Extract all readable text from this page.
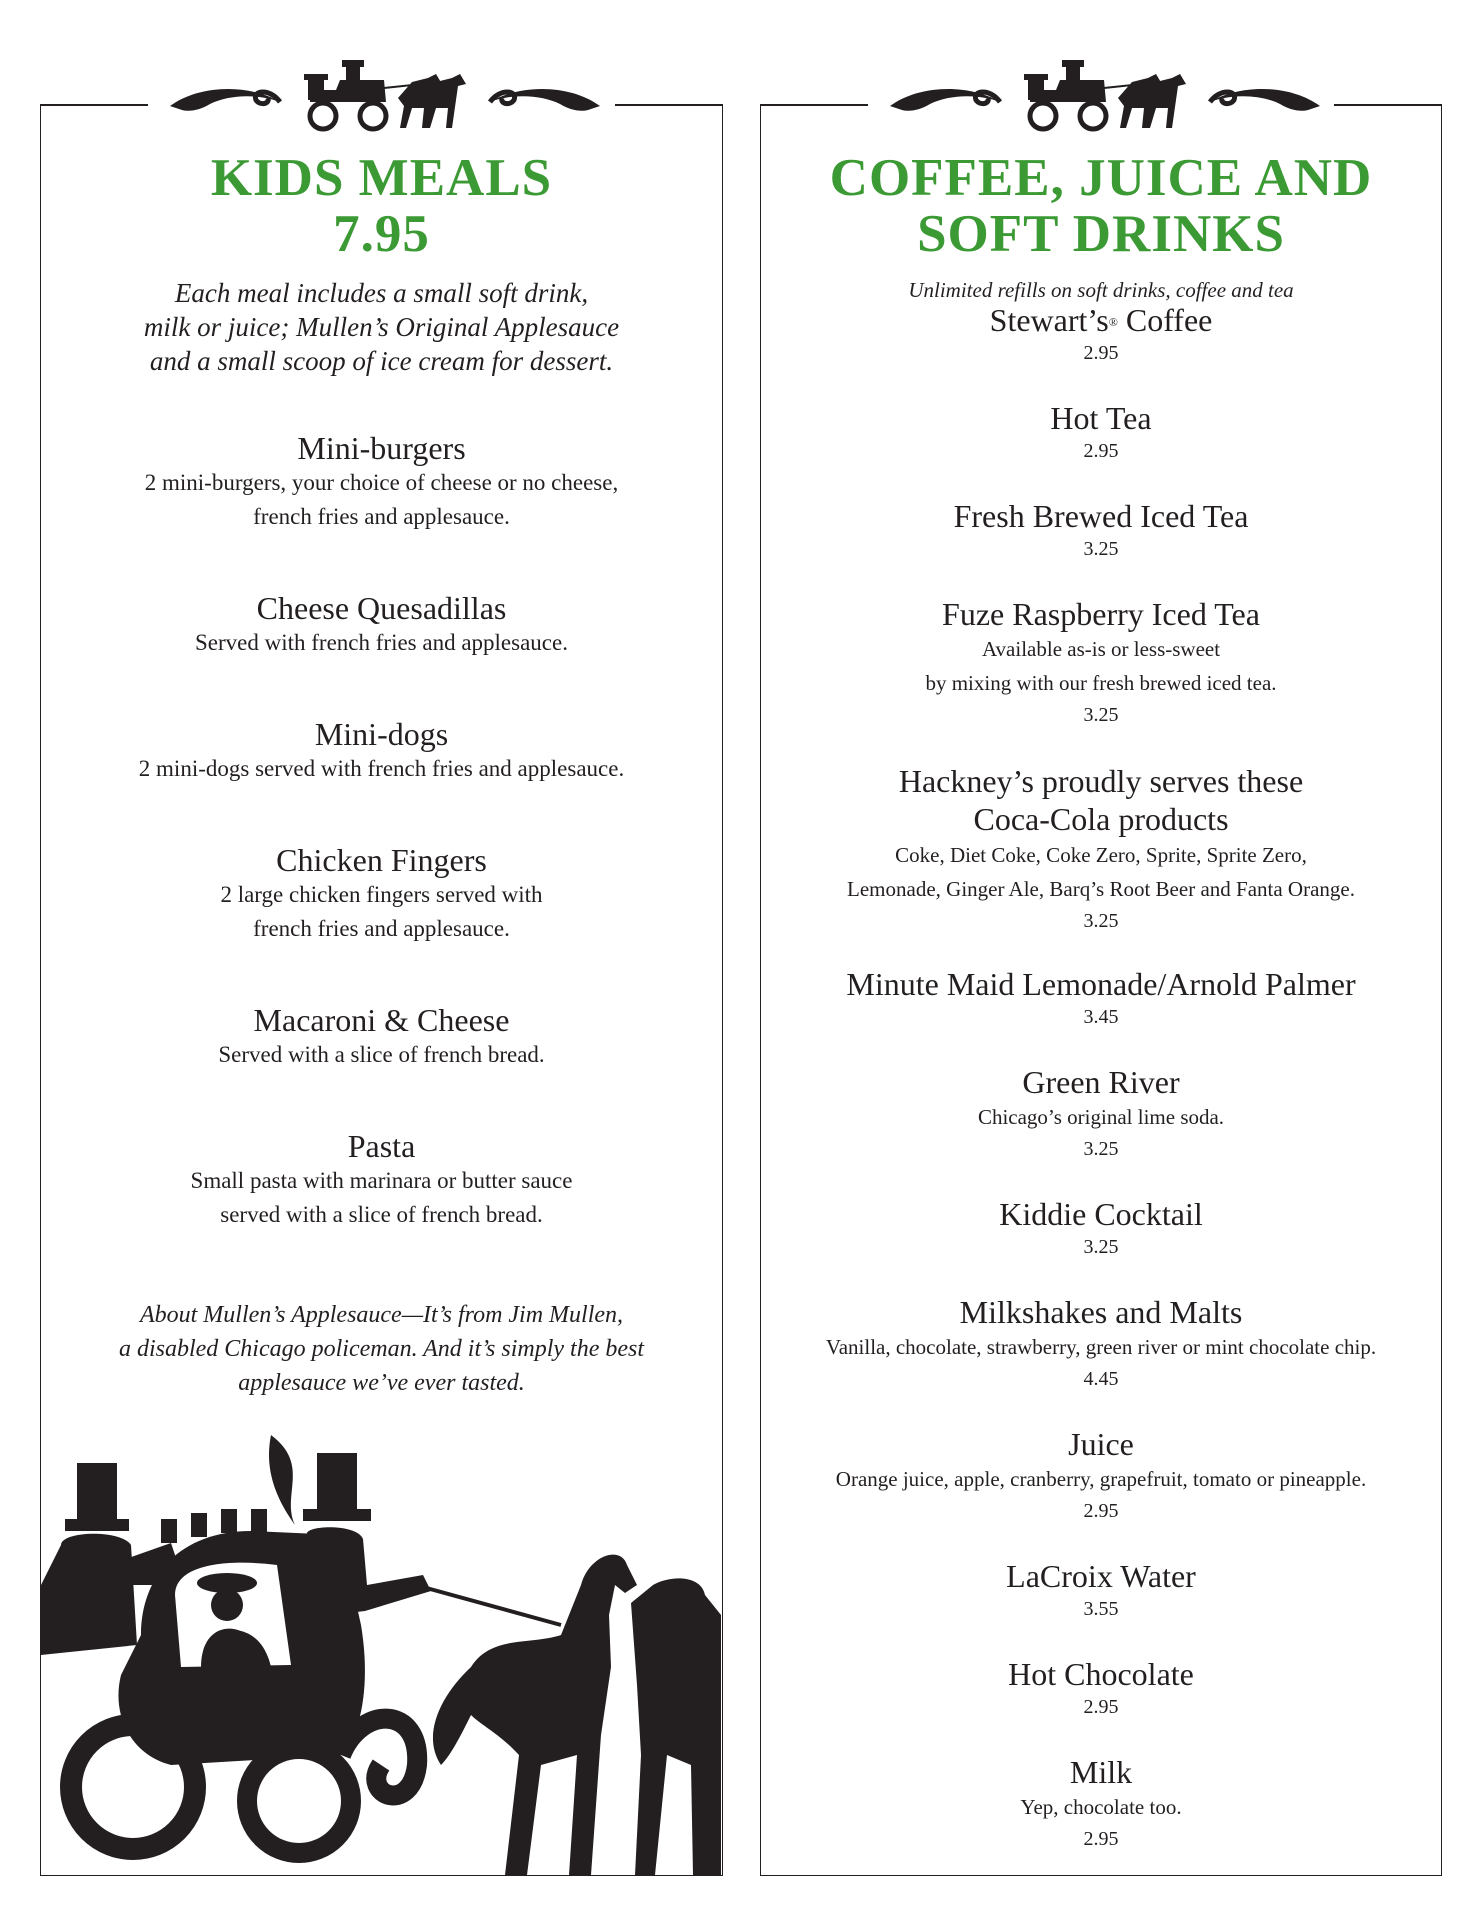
KIDS MEALS
7.95
Each meal includes a small soft drink,
milk or juice; Mullen’s Original Applesauce
and a small scoop of ice cream for dessert.
Mini-burgers
2 mini-burgers, your choice of cheese or no cheese,
french fries and applesauce.
Cheese Quesadillas
Served with french fries and applesauce.
Mini-dogs
2 mini-dogs served with french fries and applesauce.
Chicken Fingers
2 large chicken fingers served with
french fries and applesauce.
Macaroni & Cheese
Served with a slice of french bread.
Pasta
Small pasta with marinara or butter sauce
served with a slice of french bread.
About Mullen’s Applesauce—It’s from Jim Mullen,
a disabled Chicago policeman. And it’s simply the best
applesauce we’ve ever tasted.
COFFEE, JUICE AND
SOFT DRINKS
Unlimited refills on soft drinks, coffee and tea
Stewart’s® Coffee
2.95
Hot Tea
2.95
Fresh Brewed Iced Tea
3.25
Fuze Raspberry Iced Tea
Available as-is or less-sweet
by mixing with our fresh brewed iced tea.
3.25
Hackney’s proudly serves these
Coca-Cola products
Coke, Diet Coke, Coke Zero, Sprite, Sprite Zero,
Lemonade, Ginger Ale, Barq’s Root Beer and Fanta Orange.
3.25
Minute Maid Lemonade/Arnold Palmer
3.45
Green River
Chicago’s original lime soda.
3.25
Kiddie Cocktail
3.25
Milkshakes and Malts
Vanilla, chocolate, strawberry, green river or mint chocolate chip.
4.45
Juice
Orange juice, apple, cranberry, grapefruit, tomato or pineapple.
2.95
LaCroix Water
3.55
Hot Chocolate
2.95
Milk
Yep, chocolate too.
2.95
